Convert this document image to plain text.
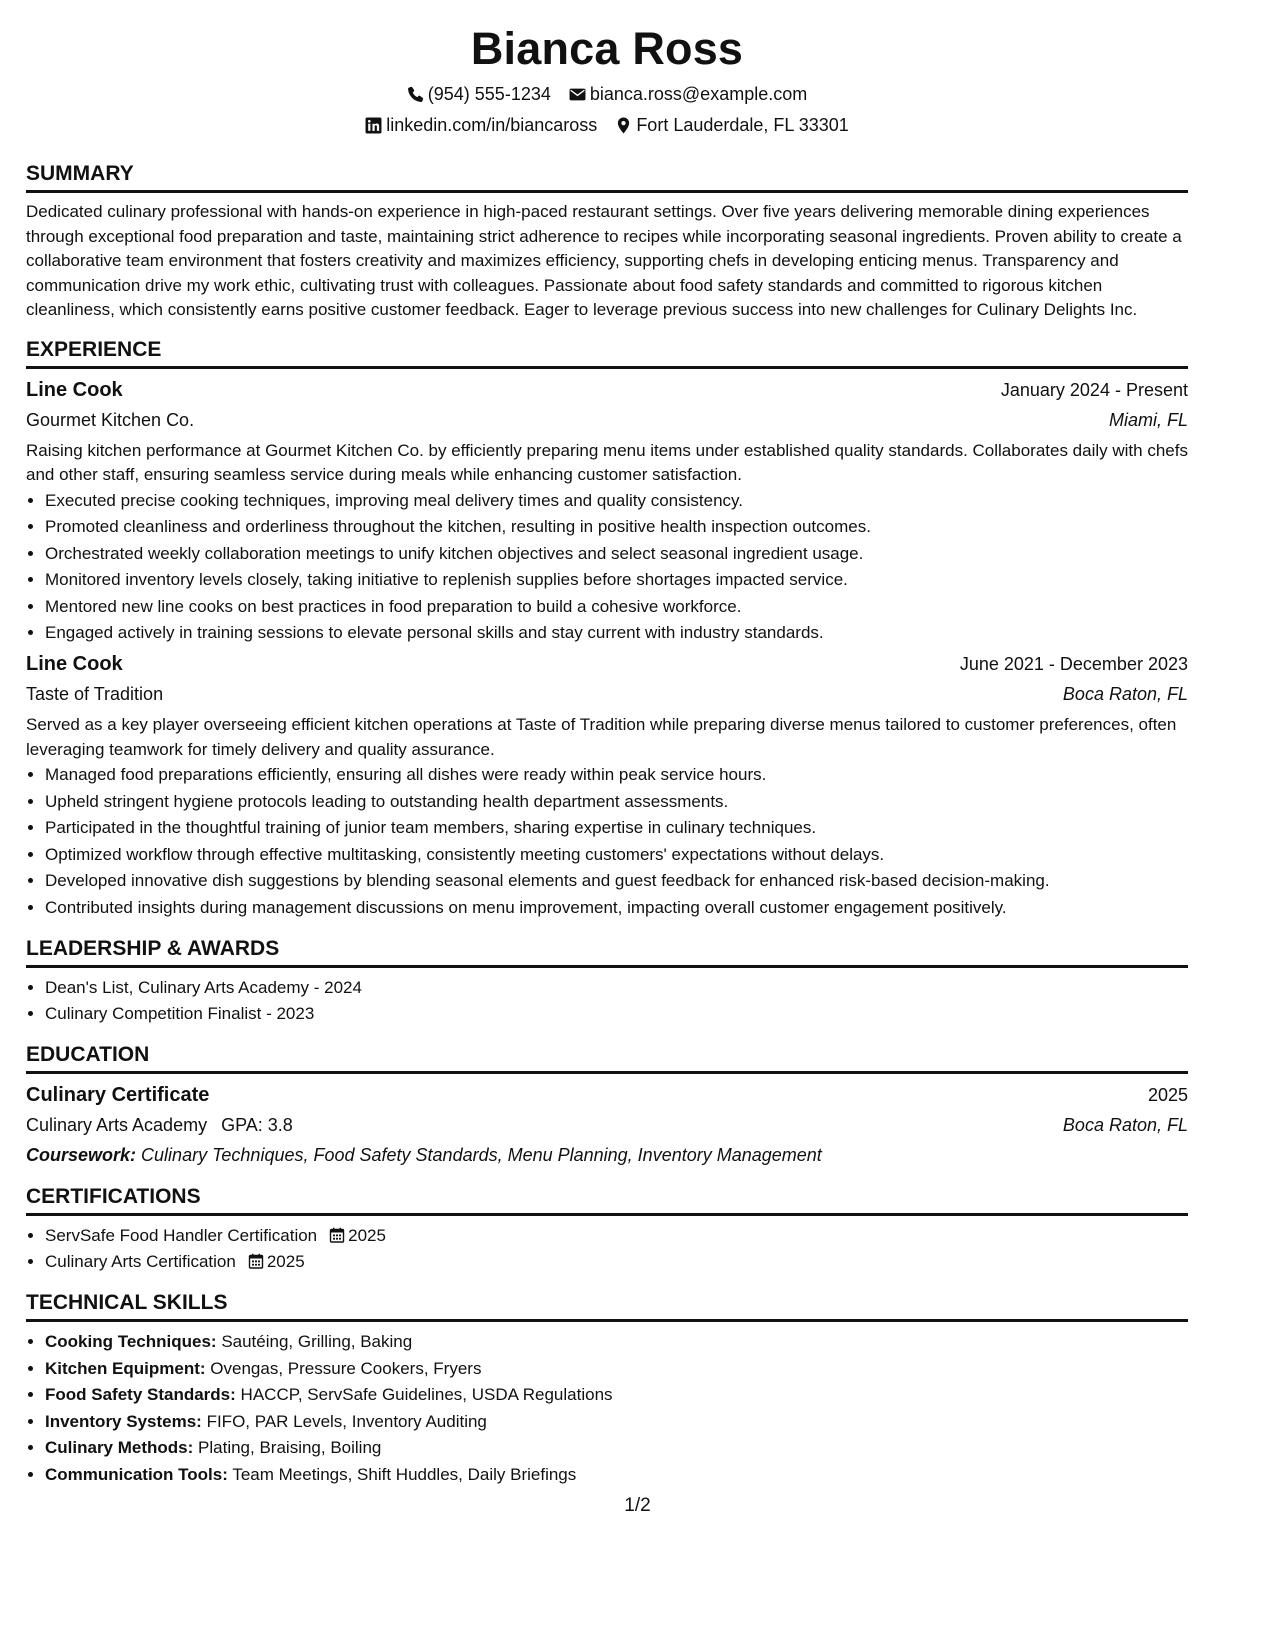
Bianca Ross
(954) 555-1234 bianca.ross@example.com
linkedin.com/in/biancaross Fort Lauderdale, FL 33301
SUMMARY
Dedicated culinary professional with hands-on experience in high-paced restaurant settings. Over five years delivering memorable dining experiences through exceptional food preparation and taste, maintaining strict adherence to recipes while incorporating seasonal ingredients. Proven ability to create a collaborative team environment that fosters creativity and maximizes efficiency, supporting chefs in developing enticing menus. Transparency and communication drive my work ethic, cultivating trust with colleagues. Passionate about food safety standards and committed to rigorous kitchen cleanliness, which consistently earns positive customer feedback. Eager to leverage previous success into new challenges for Culinary Delights Inc.
EXPERIENCE
Line Cook	January 2024 - Present
Gourmet Kitchen Co.	Miami, FL
Raising kitchen performance at Gourmet Kitchen Co. by efficiently preparing menu items under established quality standards. Collaborates daily with chefs and other staff, ensuring seamless service during meals while enhancing customer satisfaction.
• Executed precise cooking techniques, improving meal delivery times and quality consistency.
• Promoted cleanliness and orderliness throughout the kitchen, resulting in positive health inspection outcomes.
• Orchestrated weekly collaboration meetings to unify kitchen objectives and select seasonal ingredient usage.
• Monitored inventory levels closely, taking initiative to replenish supplies before shortages impacted service.
• Mentored new line cooks on best practices in food preparation to build a cohesive workforce.
• Engaged actively in training sessions to elevate personal skills and stay current with industry standards.
Line Cook	June 2021 - December 2023
Taste of Tradition	Boca Raton, FL
Served as a key player overseeing efficient kitchen operations at Taste of Tradition while preparing diverse menus tailored to customer preferences, often leveraging teamwork for timely delivery and quality assurance.
• Managed food preparations efficiently, ensuring all dishes were ready within peak service hours.
• Upheld stringent hygiene protocols leading to outstanding health department assessments.
• Participated in the thoughtful training of junior team members, sharing expertise in culinary techniques.
• Optimized workflow through effective multitasking, consistently meeting customers' expectations without delays.
• Developed innovative dish suggestions by blending seasonal elements and guest feedback for enhanced risk-based decision-making.
• Contributed insights during management discussions on menu improvement, impacting overall customer engagement positively.
LEADERSHIP & AWARDS
• Dean's List, Culinary Arts Academy - 2024
• Culinary Competition Finalist - 2023
EDUCATION
Culinary Certificate	2025
Culinary Arts Academy GPA: 3.8	Boca Raton, FL
Coursework: Culinary Techniques, Food Safety Standards, Menu Planning, Inventory Management
CERTIFICATIONS
• ServSafe Food Handler Certification 2025
• Culinary Arts Certification 2025
TECHNICAL SKILLS
• Cooking Techniques: Sautéing, Grilling, Baking
• Kitchen Equipment: Ovengas, Pressure Cookers, Fryers
• Food Safety Standards: HACCP, ServSafe Guidelines, USDA Regulations
• Inventory Systems: FIFO, PAR Levels, Inventory Auditing
• Culinary Methods: Plating, Braising, Boiling
• Communication Tools: Team Meetings, Shift Huddles, Daily Briefings
1/2
